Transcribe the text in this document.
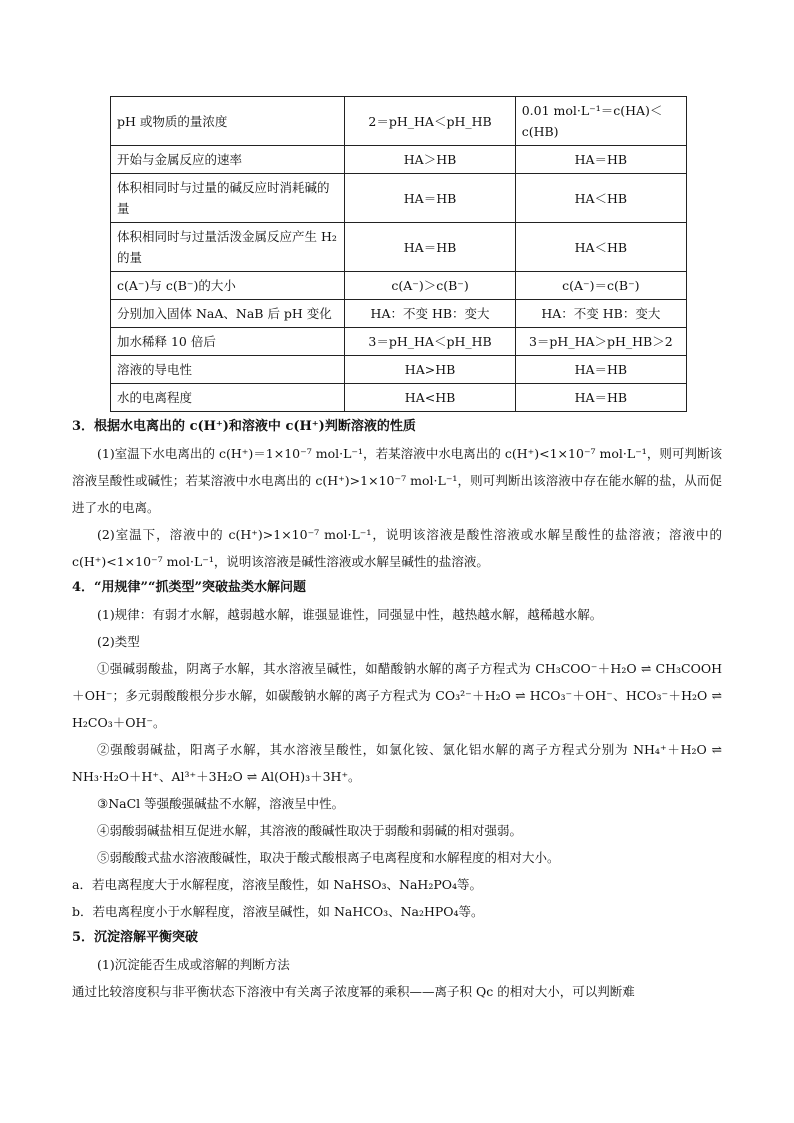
pH 或物质的量浓度	2＝pH_HA＜pH_HB	0.01 mol·L⁻¹＝c(HA)＜c(HB)
开始与金属反应的速率	HA＞HB	HA＝HB
体积相同时与过量的碱反应时消耗碱的量	HA＝HB	HA＜HB
体积相同时与过量活泼金属反应产生 H₂的量	HA＝HB	HA＜HB
c(A⁻)与 c(B⁻)的大小	c(A⁻)＞c(B⁻)	c(A⁻)＝c(B⁻)
分别加入固体 NaA、NaB 后 pH 变化	HA：不变 HB：变大	HA：不变 HB：变大
加水稀释 10 倍后	3＝pH_HA＜pH_HB	3＝pH_HA＞pH_HB＞2
溶液的导电性	HA>HB	HA＝HB
水的电离程度	HA<HB	HA＝HB

3．根据水电离出的 c(H⁺)和溶液中 c(H⁺)判断溶液的性质

(1)室温下水电离出的 c(H⁺)＝1×10⁻⁷ mol·L⁻¹，若某溶液中水电离出的 c(H⁺)<1×10⁻⁷ mol·L⁻¹，则可判断该溶液呈酸性或碱性；若某溶液中水电离出的 c(H⁺)>1×10⁻⁷ mol·L⁻¹，则可判断出该溶液中存在能水解的盐，从而促进了水的电离。

(2)室温下，溶液中的 c(H⁺)>1×10⁻⁷ mol·L⁻¹，说明该溶液是酸性溶液或水解呈酸性的盐溶液；溶液中的 c(H⁺)<1×10⁻⁷ mol·L⁻¹，说明该溶液是碱性溶液或水解呈碱性的盐溶液。

4．“用规律”“抓类型”突破盐类水解问题

(1)规律：有弱才水解，越弱越水解，谁强显谁性，同强显中性，越热越水解，越稀越水解。

(2)类型

①强碱弱酸盐，阴离子水解，其水溶液呈碱性，如醋酸钠水解的离子方程式为 CH₃COO⁻＋H₂O ⇌ CH₃COOH＋OH⁻；多元弱酸酸根分步水解，如碳酸钠水解的离子方程式为 CO₃²⁻＋H₂O ⇌ HCO₃⁻＋OH⁻、HCO₃⁻＋H₂O ⇌ H₂CO₃＋OH⁻。

②强酸弱碱盐，阳离子水解，其水溶液呈酸性，如氯化铵、氯化铝水解的离子方程式分别为 NH₄⁺＋H₂O ⇌ NH₃·H₂O＋H⁺、Al³⁺＋3H₂O ⇌ Al(OH)₃＋3H⁺。

③NaCl 等强酸强碱盐不水解，溶液呈中性。

④弱酸弱碱盐相互促进水解，其溶液的酸碱性取决于弱酸和弱碱的相对强弱。

⑤弱酸酸式盐水溶液酸碱性，取决于酸式酸根离子电离程度和水解程度的相对大小。

a．若电离程度大于水解程度，溶液呈酸性，如 NaHSO₃、NaH₂PO₄等。

b．若电离程度小于水解程度，溶液呈碱性，如 NaHCO₃、Na₂HPO₄等。

5．沉淀溶解平衡突破

(1)沉淀能否生成或溶解的判断方法

通过比较溶度积与非平衡状态下溶液中有关离子浓度幂的乘积——离子积 Qc 的相对大小，可以判断难
